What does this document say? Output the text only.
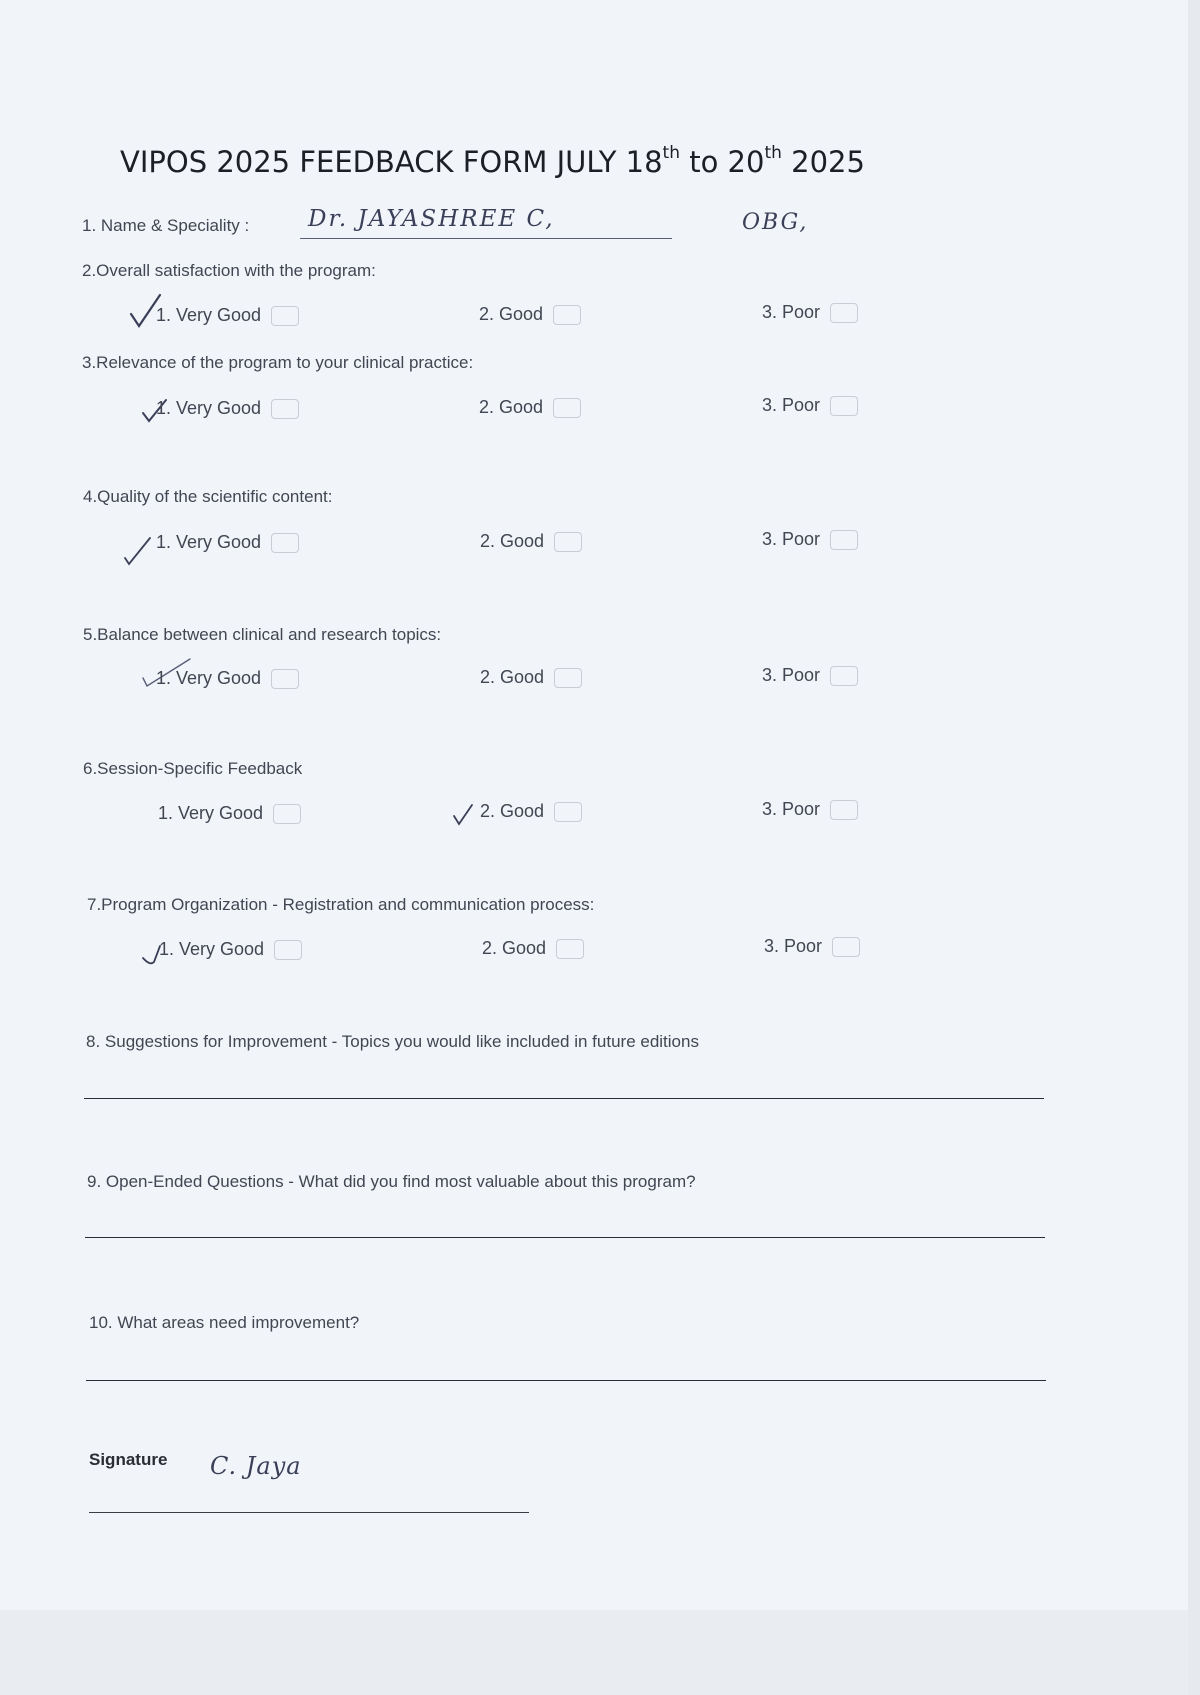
VIPOS 2025 FEEDBACK FORM JULY 18th to 20th 2025
1. Name & Speciality :	Dr. JAYASHREE C,	OBG,
2.Overall satisfaction with the program:
1. Very Good	2. Good	3. Poor
3.Relevance of the program to your clinical practice:
1. Very Good	2. Good	3. Poor
4.Quality of the scientific content:
1. Very Good	2. Good	3. Poor
5.Balance between clinical and research topics:
1. Very Good	2. Good	3. Poor
6.Session-Specific Feedback
1. Very Good	2. Good	3. Poor
7.Program Organization - Registration and communication process:
1. Very Good	2. Good	3. Poor
8. Suggestions for Improvement - Topics you would like included in future editions
9. Open-Ended Questions - What did you find most valuable about this program?
10. What areas need improvement?
Signature C. Jaya
